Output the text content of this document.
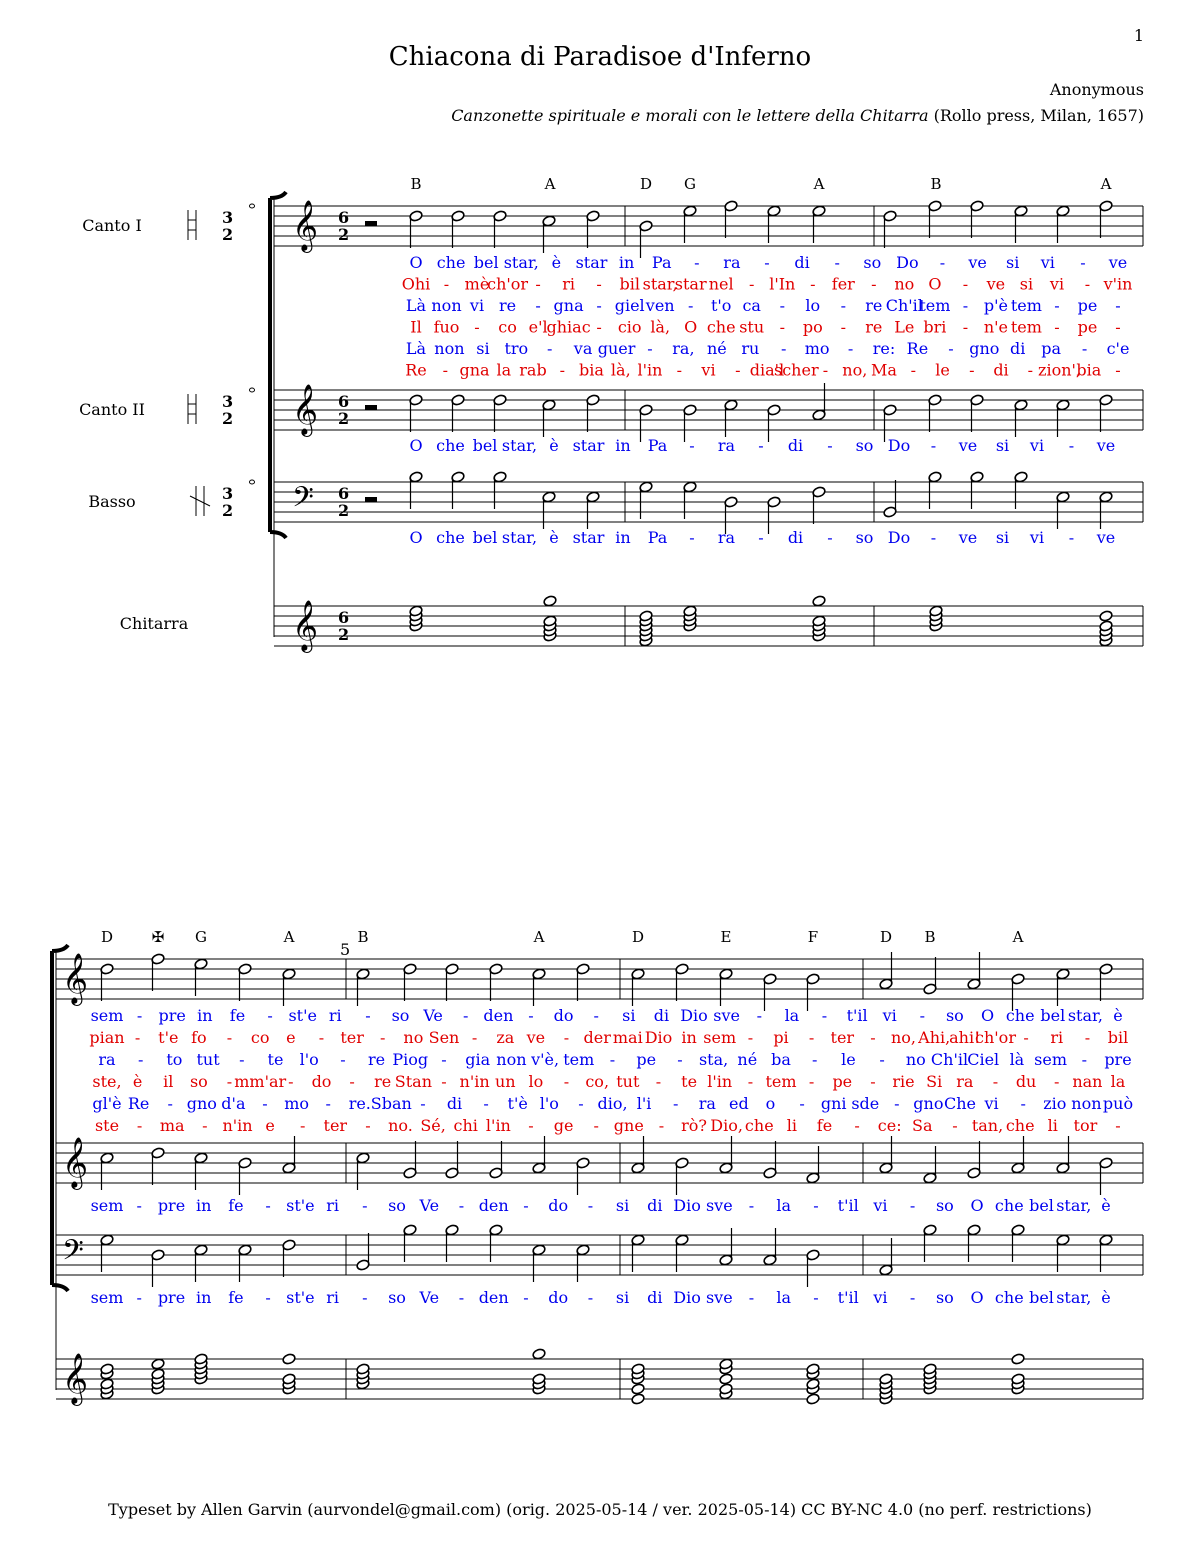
1
Chiacona di Paradisoe d'Inferno
Anonymous
Canzonette spirituale e morali con le lettere della Chitarra (Rollo press, Milan, 1657)
Canto I
Canto II
Basso
Chitarra
3
2
3
2
3
2
𝄞 6
2
𝄞 6
2
𝄢 6
2
𝄞 6
2
𝄞
𝄞
𝄢
𝄞
5
B	A	D G	A	B	A
D	✠ G	A	B	A	D	E	F	D B	A
O che bel star, è star in Pa - ra - di - so Do - ve si vi - ve
Ohi - mè
ch'or - ri - bil star,
star nel - l'In - fer - no O - ve si vi - v'in
Là non vi re - gna - giel ven - t'o ca - lo - re Ch'il
tem - p'è tem - pe -
Il fuo - co e'l
ghiac - cio là, O che stu - po - re Le bri - n'e tem - pe -
Là non si tro - va guer - ra, né ru - mo - re: Re - gno di pa - c'e
Re - gna la rab - bia là, l'in - vi - dia'l
scher - no, Ma - le - di - zion',
bia -
O che bel star, è star in Pa - ra - di - so Do - ve si vi - ve
O che bel star, è star in Pa - ra - di - so Do - ve si vi - ve
sem - pre in fe - st'e ri - so Ve - den - do - si di Dio sve - la - t'il vi - so O che bel star, è
pian - t'e fo - co e - ter - no Sen - za ve - der mai Dio in sem - pi - ter - no, Ahi,
ahi!
ch'or - ri - bil
ra - to tut - te l'o - re Piog - gia non v'è, tem - pe - sta, né ba - le - no Ch'il Ciel là sem - pre
ste, è il so - mm'ar - do - re Stan - n'in un lo - co, tut - te l'in - tem - pe - rie Si ra - du - nan la
gl'è Re - gno d'a - mo - re. Sban - di - t'è l'o - dio, l'i - ra ed o - gni sde - gno Che vi - zio non può
ste - ma - n'in e - ter - no. Sé, chi l'in - ge - gne - rò? Dio, che li fe - ce: Sa - tan, che li tor -
sem - pre in fe - st'e ri - so Ve - den - do - si di Dio sve - la - t'il vi - so O che bel star, è
sem - pre in fe - st'e ri - so Ve - den - do - si di Dio sve - la - t'il vi - so O che bel star, è
Typeset by Allen Garvin (aurvondel@gmail.com) (orig. 2025-05-14 / ver. 2025-05-14) CC BY-NC 4.0 (no perf. restrictions)
